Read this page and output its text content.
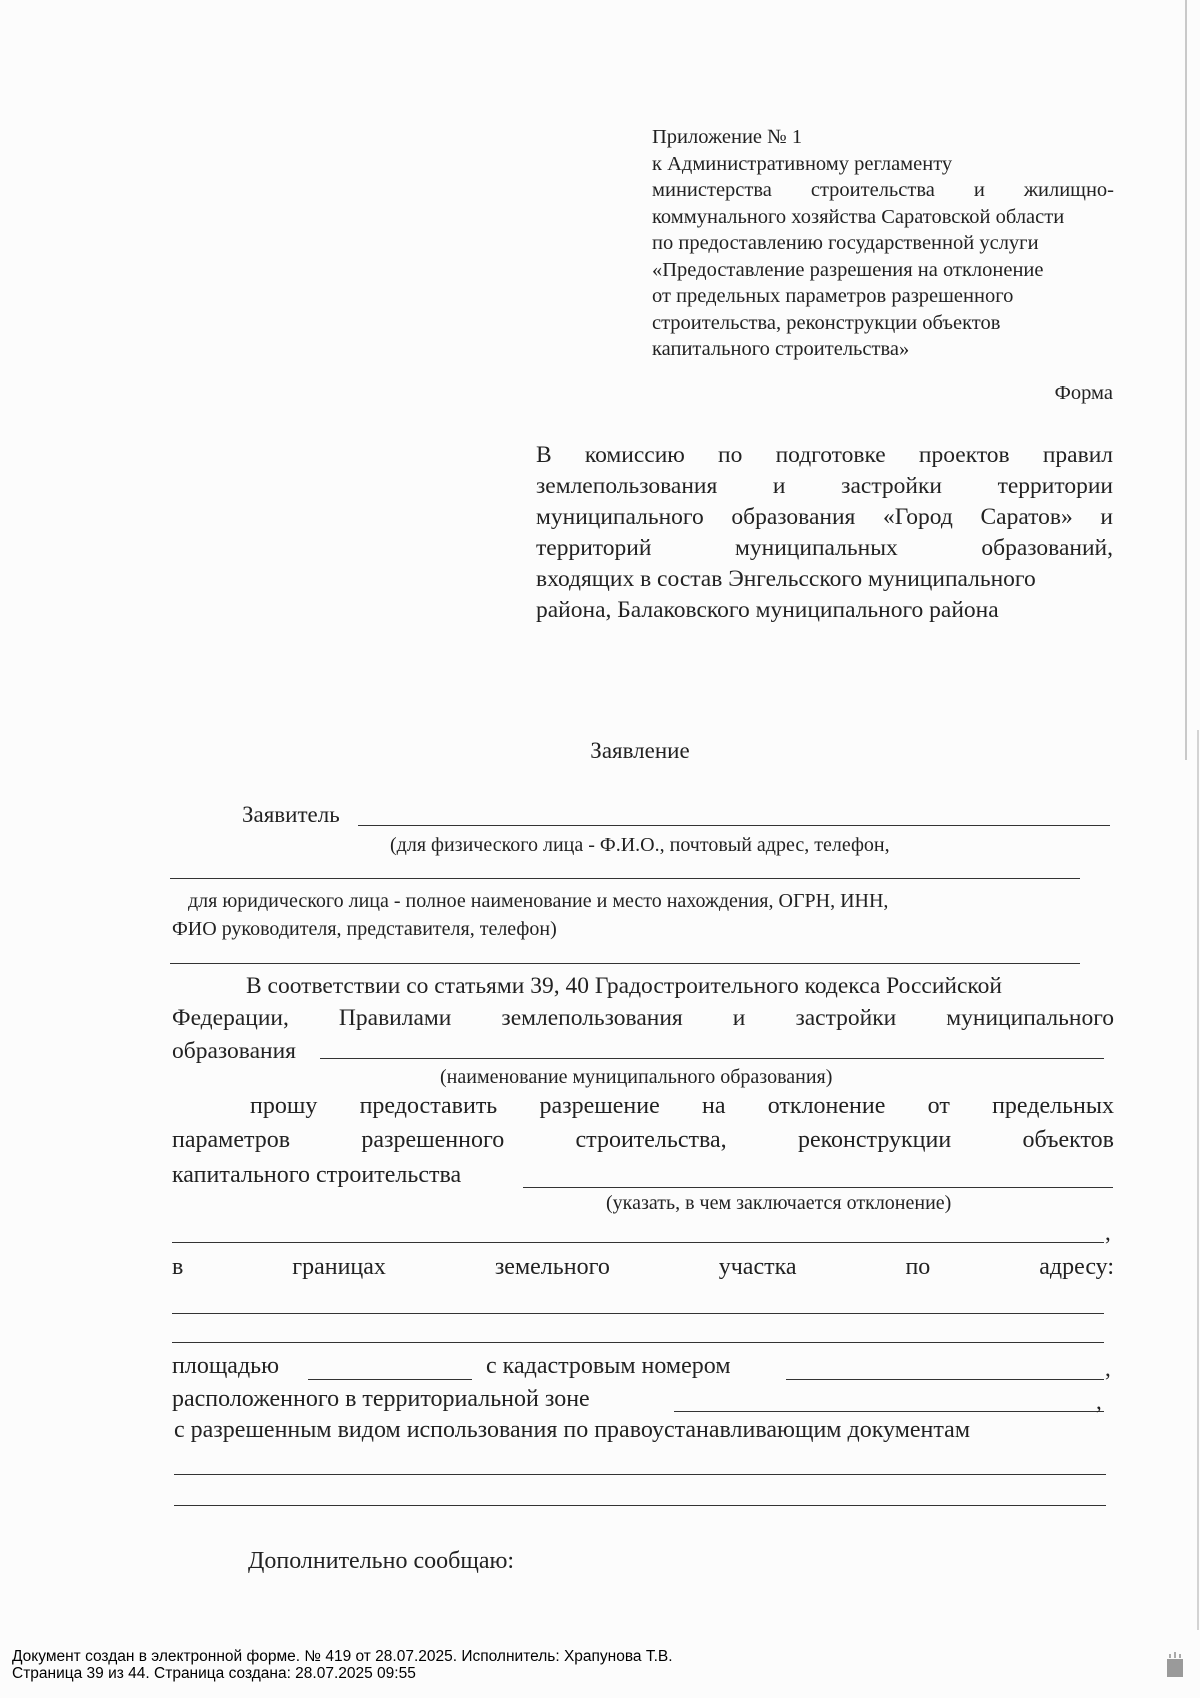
Приложение № 1
к Административному регламенту
министерства строительства и жилищно-
коммунального хозяйства Саратовской области
по предоставлению государственной услуги
«Предоставление разрешения на отклонение
от предельных параметров разрешенного
строительства, реконструкции объектов
капитального строительства»
Форма
В комиссию по подготовке проектов правил
землепользования и застройки территории
муниципального образования «Город Саратов» и
территорий муниципальных образований,
входящих в состав Энгельсского муниципального
района, Балаковского муниципального района
Заявление
Заявитель
(для физического лица - Ф.И.О., почтовый адрес, телефон,
для юридического лица - полное наименование и место нахождения, ОГРН, ИНН,
ФИО руководителя, представителя, телефон)
В соответствии со статьями 39, 40 Градостроительного кодекса Российской
Федерации, Правилами землепользования и застройки муниципального
образования
(наименование муниципального образования)
прошу предоставить разрешение на отклонение от предельных
параметров разрешенного строительства, реконструкции объектов
капитального строительства
(указать, в чем заключается отклонение)
,
в границах земельного участка по адресу:
площадью	с кадастровым номером	,
расположенного в территориальной зоне	,
с разрешенным видом использования по правоустанавливающим документам
Дополнительно сообщаю:
Документ создан в электронной форме. № 419 от 28.07.2025. Исполнитель: Храпунова Т.В.
Страница 39 из 44. Страница создана: 28.07.2025 09:55
